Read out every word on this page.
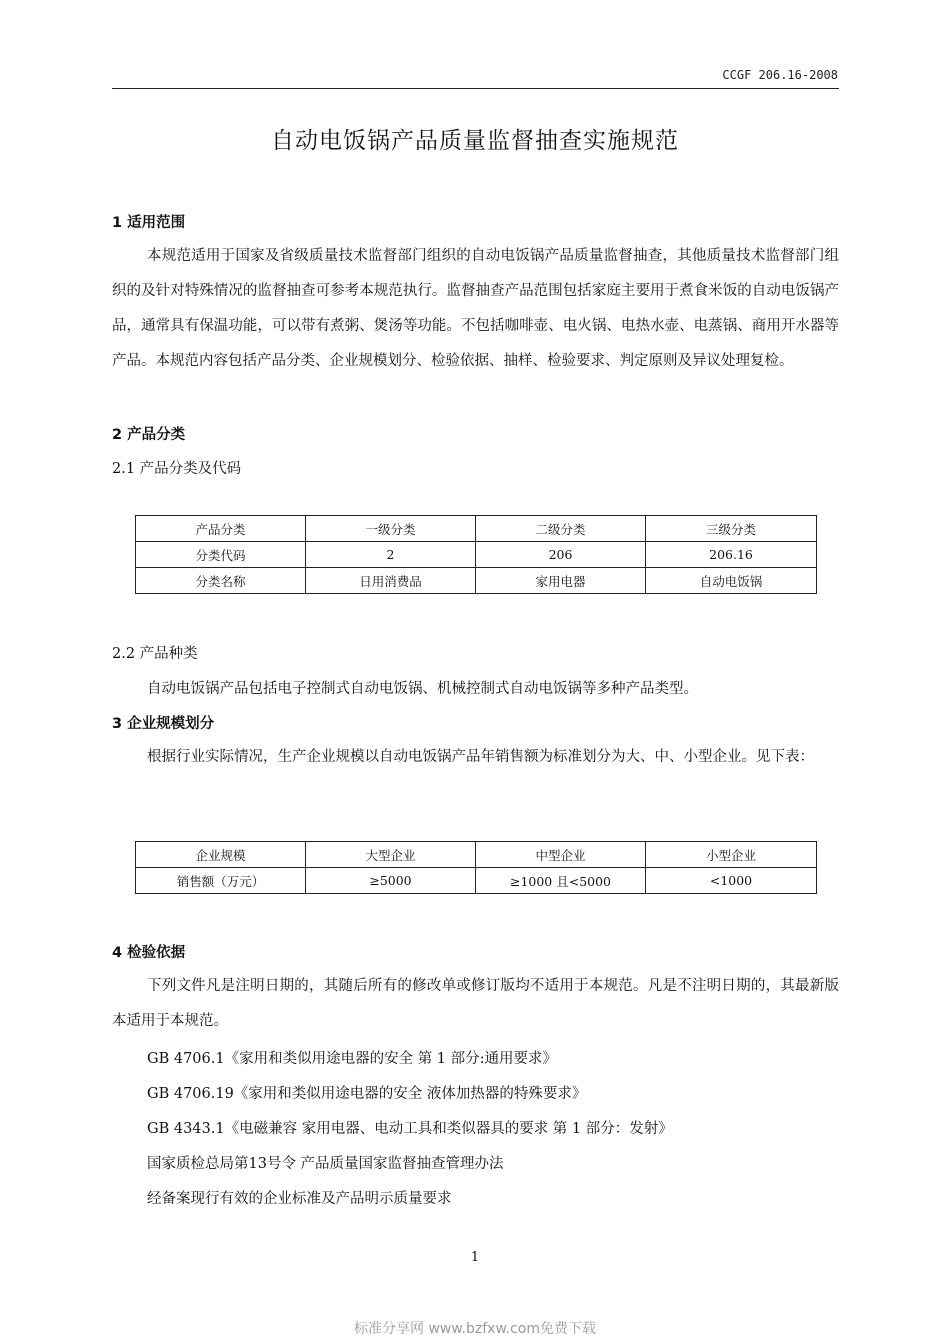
CCGF 206.16-2008
自动电饭锅产品质量监督抽查实施规范
1 适用范围
本规范适用于国家及省级质量技术监督部门组织的自动电饭锅产品质量监督抽查，其他质量技术监督部门组织的及针对特殊情况的监督抽查可参考本规范执行。监督抽查产品范围包括家庭主要用于煮食米饭的自动电饭锅产品，通常具有保温功能，可以带有煮粥、煲汤等功能。不包括咖啡壶、电火锅、电热水壶、电蒸锅、商用开水器等产品。本规范内容包括产品分类、企业规模划分、检验依据、抽样、检验要求、判定原则及异议处理复检。
2 产品分类
2.1 产品分类及代码
产品分类	一级分类	二级分类	三级分类
分类代码	2	206	206.16
分类名称	日用消费品	家用电器	自动电饭锅
2.2 产品种类
自动电饭锅产品包括电子控制式自动电饭锅、机械控制式自动电饭锅等多种产品类型。
3 企业规模划分
根据行业实际情况，生产企业规模以自动电饭锅产品年销售额为标准划分为大、中、小型企业。见下表：
企业规模	大型企业	中型企业	小型企业
销售额（万元）	≥5000	≥1000 且<5000	<1000
4 检验依据
下列文件凡是注明日期的，其随后所有的修改单或修订版均不适用于本规范。凡是不注明日期的，其最新版本适用于本规范。
GB 4706.1《家用和类似用途电器的安全 第 1 部分:通用要求》
GB 4706.19《家用和类似用途电器的安全 液体加热器的特殊要求》
GB 4343.1《电磁兼容 家用电器、电动工具和类似器具的要求 第 1 部分：发射》
国家质检总局第13号令 产品质量国家监督抽查管理办法
经备案现行有效的企业标准及产品明示质量要求
1
标准分享网 www.bzfxw.com免费下载
